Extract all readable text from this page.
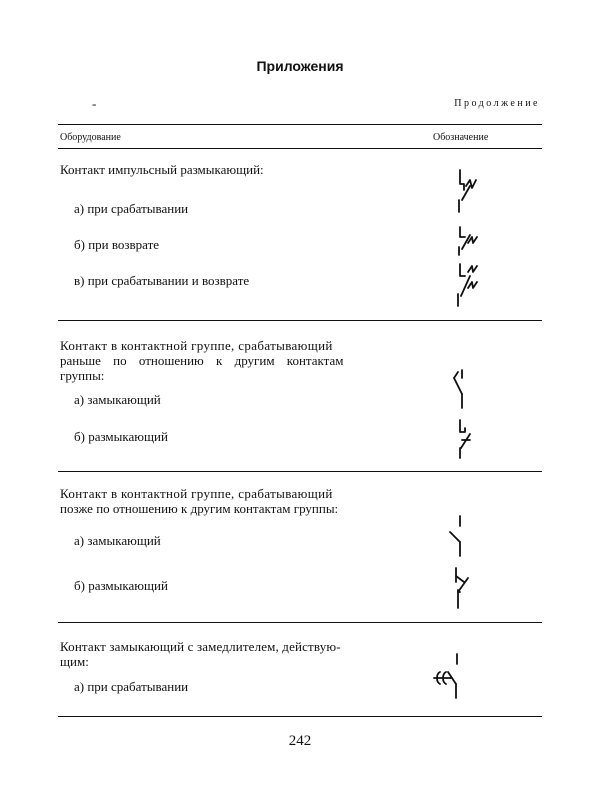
Приложения
-	Продолжение
Оборудование	Обозначение
Контакт импульсный размыкающий:
а) при срабатывании
б) при возврате
в) при срабатывании и возврате
Контакт в контактной группе, срабатывающий
раньше по отношению к другим контактам
группы:
а) замыкающий
б) размыкающий
Контакт в контактной группе, срабатывающий
позже по отношению к другим контактам группы:
а) замыкающий
б) размыкающий
Контакт замыкающий с замедлителем, действую-
щим:
а) при срабатывании
242
